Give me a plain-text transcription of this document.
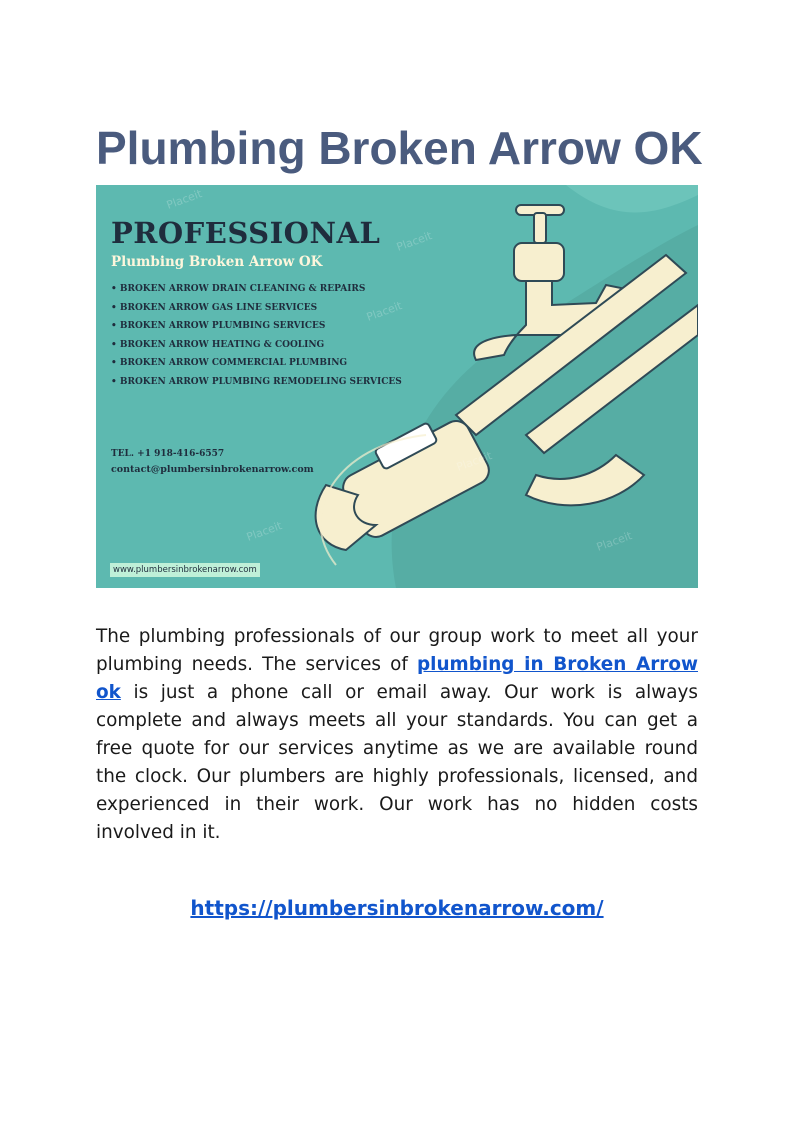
Plumbing Broken Arrow OK
Placeit
Placeit
Placeit
Placeit
Placeit	Placeit
PROFESSIONAL
Plumbing Broken Arrow OK
• BROKEN ARROW DRAIN CLEANING & REPAIRS
• BROKEN ARROW GAS LINE SERVICES
• BROKEN ARROW PLUMBING SERVICES
• BROKEN ARROW HEATING & COOLING
• BROKEN ARROW COMMERCIAL PLUMBING
• BROKEN ARROW PLUMBING REMODELING SERVICES
TEL. +1 918-416-6557
contact@plumbersinbrokenarrow.com
www.plumbersinbrokenarrow.com

The plumbing professionals of our group work to meet all your plumbing needs. The services of plumbing in Broken Arrow ok is just a phone call or email away. Our work is always complete and always meets all your standards. You can get a free quote for our services anytime as we are available round the clock. Our plumbers are highly professionals, licensed, and experienced in their work. Our work has no hidden costs involved in it.

https://plumbersinbrokenarrow.com/
